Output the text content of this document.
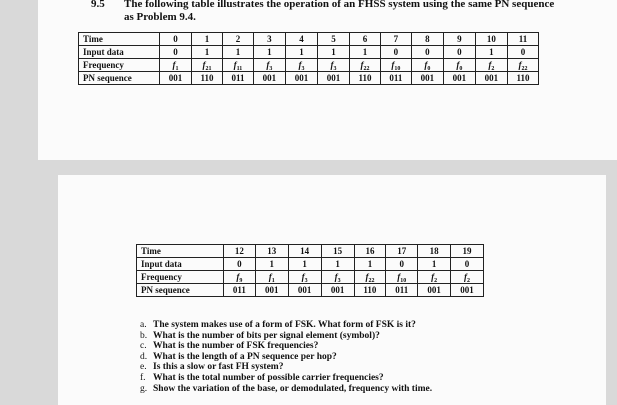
9.5 The following table illustrates the operation of an FHSS system using the same PN sequence as Problem 9.4.
Time	0	1	2	3	4	5	6	7	8	9	10	11
Input data	0	1	1	1	1	1	1	0	0	0	1	0
Frequency	$f_1$	$f_{21}$	$f_{11}$	$f_3$	$f_3$	$f_3$	$f_{22}$	$f_{10}$	$f_0$	$f_0$	$f_2$	$f_{22}$
PN sequence	001	110	011	001	001	001	110	011	001	001	001	110
Time	12	13	14	15	16	17	18	19
Input data	0	1	1	1	1	0	1	0
Frequency	$f_9$	$f_1$	$f_3$	$f_3$	$f_{22}$	$f_{10}$	$f_2$	$f_2$
PN sequence	011	001	001	001	110	011	001	001
a. The system makes use of a form of FSK. What form of FSK is it?
b. What is the number of bits per signal element (symbol)?
c. What is the number of FSK frequencies?
d. What is the length of a PN sequence per hop?
e. Is this a slow or fast FH system?
f. What is the total number of possible carrier frequencies?
g. Show the variation of the base, or demodulated, frequency with time.
